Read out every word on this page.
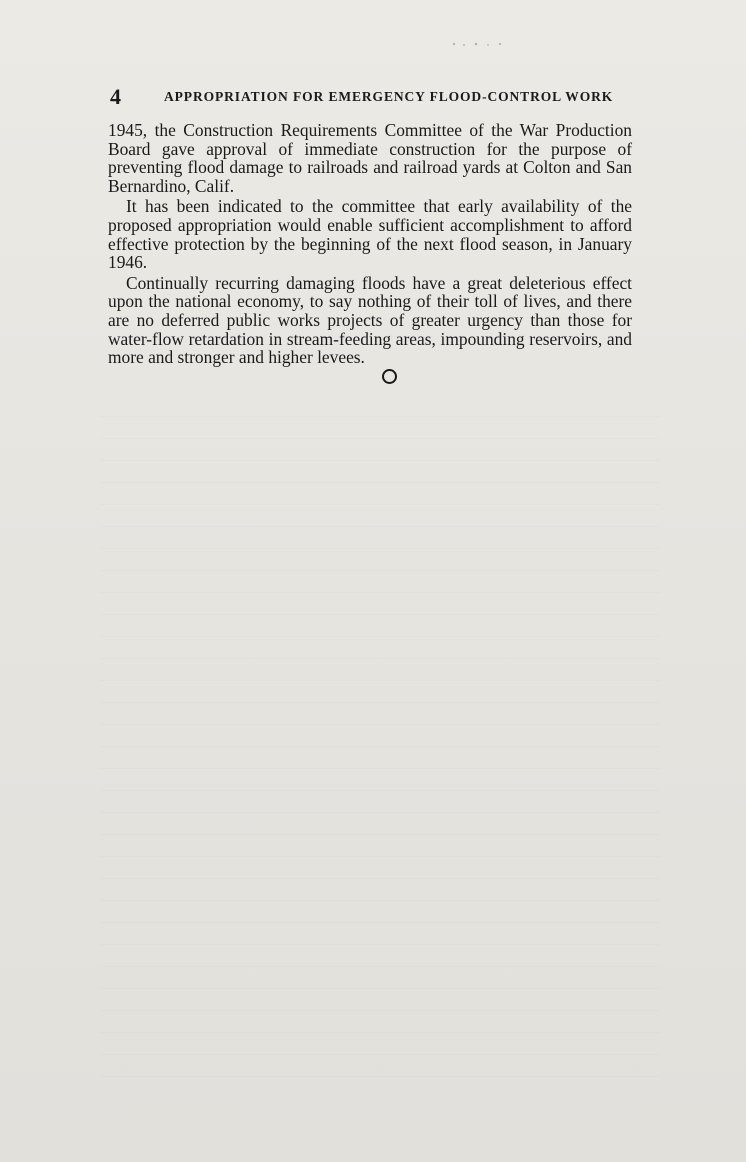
4	APPROPRIATION FOR EMERGENCY FLOOD-CONTROL WORK

1945, the Construction Requirements Committee of the War Production Board gave approval of immediate construction for the purpose of preventing flood damage to railroads and railroad yards at Colton and San Bernardino, Calif.

It has been indicated to the committee that early availability of the proposed appropriation would enable sufficient accomplishment to afford effective protection by the beginning of the next flood season, in January 1946.

Continually recurring damaging floods have a great deleterious effect upon the national economy, to say nothing of their toll of lives, and there are no deferred public works projects of greater urgency than those for water-flow retardation in stream-feeding areas, impounding reservoirs, and more and stronger and higher levees.
